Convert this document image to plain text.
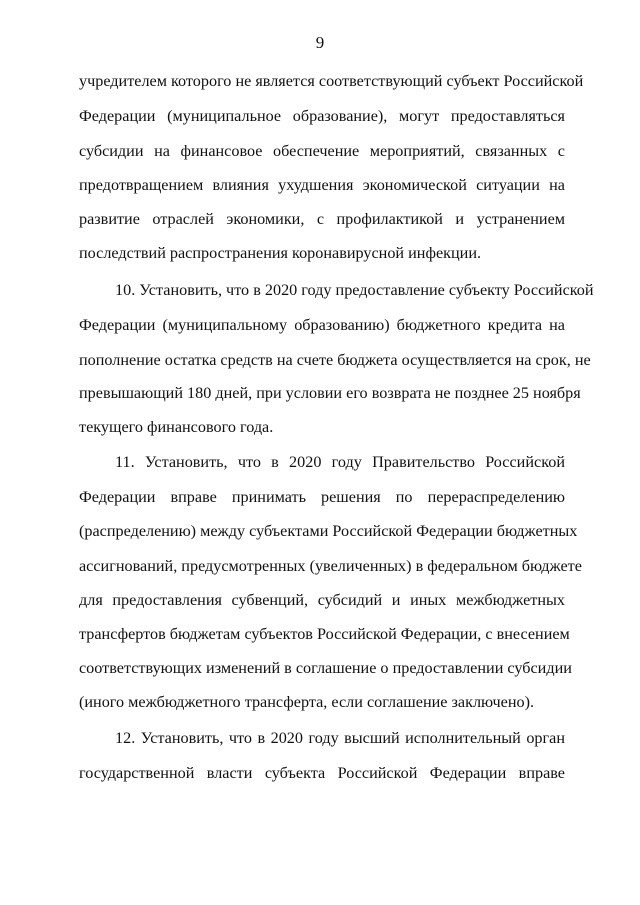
9
учредителем которого не является соответствующий субъект Российской
Федерации (муниципальное образование), могут предоставляться
субсидии на финансовое обеспечение мероприятий, связанных с
предотвращением влияния ухудшения экономической ситуации на
развитие отраслей экономики, с профилактикой и устранением
последствий распространения коронавирусной инфекции.
10. Установить, что в 2020 году предоставление субъекту Российской
Федерации (муниципальному образованию) бюджетного кредита на
пополнение остатка средств на счете бюджета осуществляется на срок, не
превышающий 180 дней, при условии его возврата не позднее 25 ноября
текущего финансового года.
11. Установить, что в 2020 году Правительство Российской
Федерации вправе принимать решения по перераспределению
(распределению) между субъектами Российской Федерации бюджетных
ассигнований, предусмотренных (увеличенных) в федеральном бюджете
для предоставления субвенций, субсидий и иных межбюджетных
трансфертов бюджетам субъектов Российской Федерации, с внесением
соответствующих изменений в соглашение о предоставлении субсидии
(иного межбюджетного трансферта, если соглашение заключено).
12. Установить, что в 2020 году высший исполнительный орган
государственной власти субъекта Российской Федерации вправе
